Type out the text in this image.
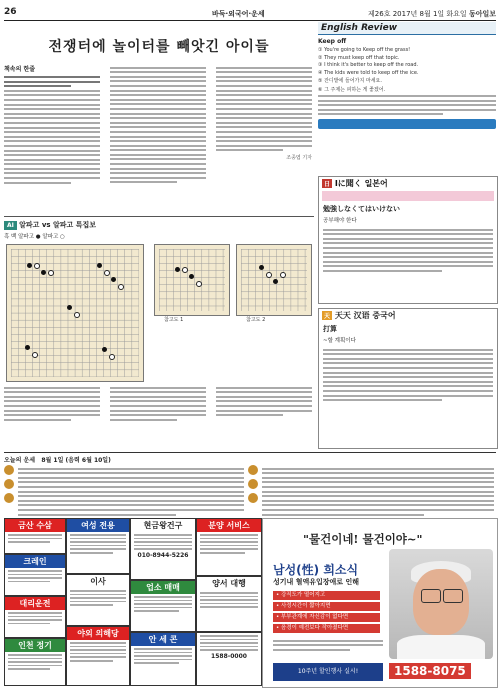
26	바둑·외국어·운세	제26호 2017년 8월 1일 화요일 동아일보
전쟁터에 놀이터를 빼앗긴 아이들
책속의 한줄
조종엽 기자
AI 알파고 vs 알파고 특집보
흑 백 알파고 ● 알파고 ○
참고도 1	참고도 2
English Review
Keep off
① You're going to Keep off the grass!
② They must keep off that topic.
③ I think it's better to keep off the road.
④ The kids were told to keep off the ice.
⑤ 잔디밭에 들어가지 마세요.
⑥ 그 주제는 피하는 게 좋겠어.
日 Iに聞く 일본어
勉強しなくてはいけない
공부해야 한다
天 天天 汉语 중국어
打算
~할 계획이다
오늘의 운세 8월 1일 (음력 6월 10일)
금산 수삼
크레인
대리운전
인천 정기
여성 전용
이사
야외 의해당
현금왕건구
010-8944-5226
업소 매매
안 세 콘
분양 서비스
양서 대행
1588-0000
"물건이네! 물건이야~"
남성(性) 희소식
성기내 혈액유입장애로 인해
• 강직도가 떨어지고
• 사정시간이 짧아지면
• 부부관계에 자신감이 없다면
• 음경이 예전보다 작아졌다면
10주년 할인행사 실시!	1588-8075
